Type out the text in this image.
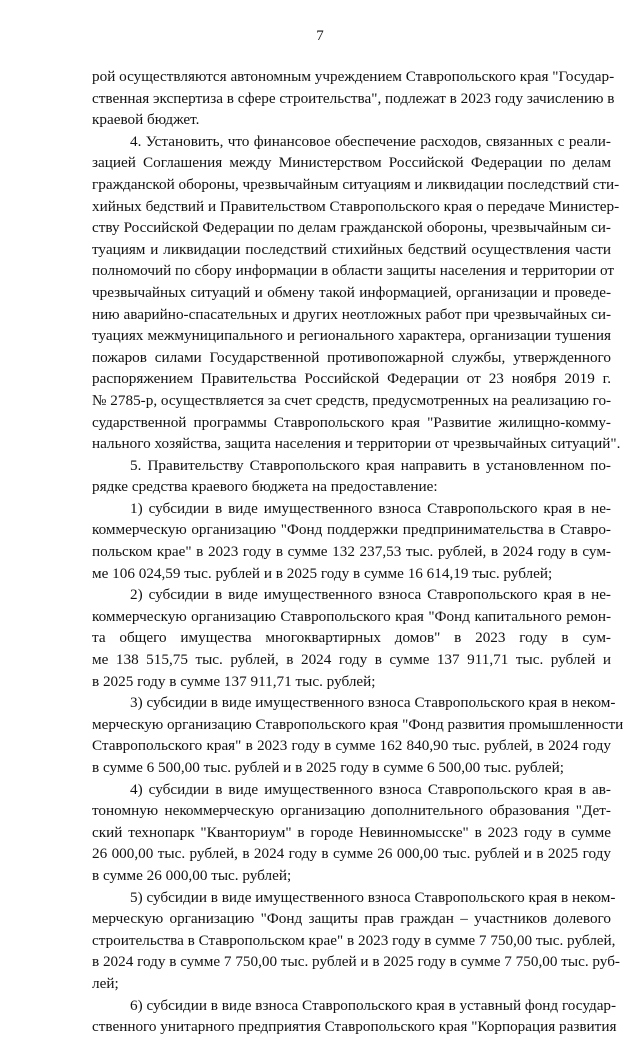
7
рой осуществляются автономным учреждением Ставропольского края "Государ-
ственная экспертиза в сфере строительства", подлежат в 2023 году зачислению в
краевой бюджет.
4. Установить, что финансовое обеспечение расходов, связанных с реали-
зацией Соглашения между Министерством Российской Федерации по делам
гражданской обороны, чрезвычайным ситуациям и ликвидации последствий сти-
хийных бедствий и Правительством Ставропольского края о передаче Министер-
ству Российской Федерации по делам гражданской обороны, чрезвычайным си-
туациям и ликвидации последствий стихийных бедствий осуществления части
полномочий по сбору информации в области защиты населения и территории от
чрезвычайных ситуаций и обмену такой информацией, организации и проведе-
нию аварийно-спасательных и других неотложных работ при чрезвычайных си-
туациях межмуниципального и регионального характера, организации тушения
пожаров силами Государственной противопожарной службы, утвержденного
распоряжением Правительства Российской Федерации от 23 ноября 2019 г.
№ 2785-р, осуществляется за счет средств, предусмотренных на реализацию го-
сударственной программы Ставропольского края "Развитие жилищно-комму-
нального хозяйства, защита населения и территории от чрезвычайных ситуаций".
5. Правительству Ставропольского края направить в установленном по-
рядке средства краевого бюджета на предоставление:
1) субсидии в виде имущественного взноса Ставропольского края в не-
коммерческую организацию "Фонд поддержки предпринимательства в Ставро-
польском крае" в 2023 году в сумме 132 237,53 тыс. рублей, в 2024 году в сум-
ме 106 024,59 тыс. рублей и в 2025 году в сумме 16 614,19 тыс. рублей;
2) субсидии в виде имущественного взноса Ставропольского края в не-
коммерческую организацию Ставропольского края "Фонд капитального ремон-
та общего имущества многоквартирных домов" в 2023 году в сум-
ме 138 515,75 тыс. рублей, в 2024 году в сумме 137 911,71 тыс. рублей и
в 2025 году в сумме 137 911,71 тыс. рублей;
3) субсидии в виде имущественного взноса Ставропольского края в неком-
мерческую организацию Ставропольского края "Фонд развития промышленности
Ставропольского края" в 2023 году в сумме 162 840,90 тыс. рублей, в 2024 году
в сумме 6 500,00 тыс. рублей и в 2025 году в сумме 6 500,00 тыс. рублей;
4) субсидии в виде имущественного взноса Ставропольского края в ав-
тономную некоммерческую организацию дополнительного образования "Дет-
ский технопарк "Кванториум" в городе Невинномысске" в 2023 году в сумме
26 000,00 тыс. рублей, в 2024 году в сумме 26 000,00 тыс. рублей и в 2025 году
в сумме 26 000,00 тыс. рублей;
5) субсидии в виде имущественного взноса Ставропольского края в неком-
мерческую организацию "Фонд защиты прав граждан – участников долевого
строительства в Ставропольском крае" в 2023 году в сумме 7 750,00 тыс. рублей,
в 2024 году в сумме 7 750,00 тыс. рублей и в 2025 году в сумме 7 750,00 тыс. руб-
лей;
6) субсидии в виде взноса Ставропольского края в уставный фонд государ-
ственного унитарного предприятия Ставропольского края "Корпорация развития
